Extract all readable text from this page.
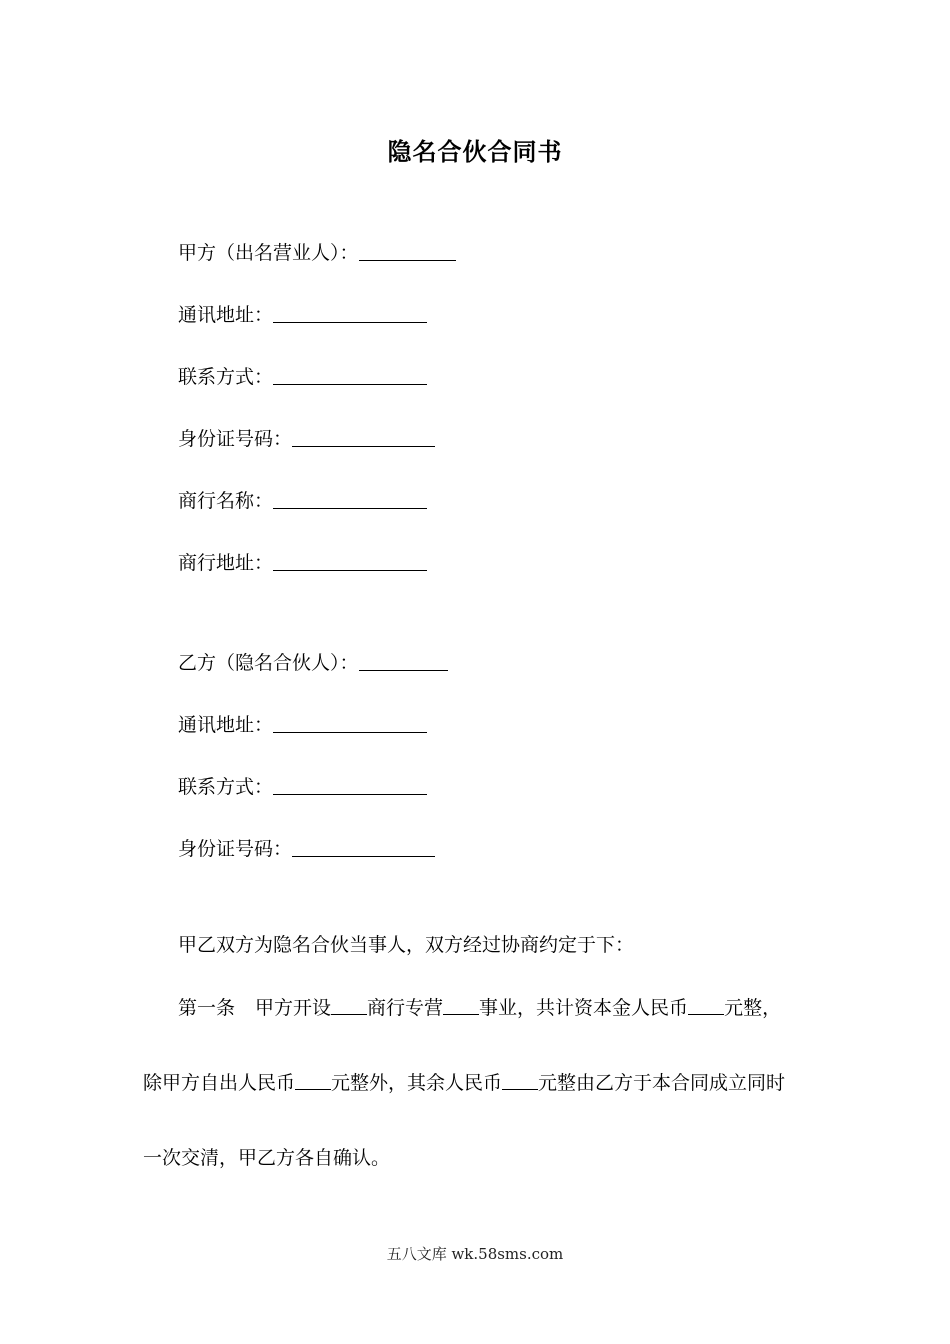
隐名合伙合同书
甲方（出名营业人）：
通讯地址：
联系方式：
身份证号码：
商行名称：
商行地址：
乙方（隐名合伙人）：
通讯地址：
联系方式：
身份证号码：
甲乙双方为隐名合伙当事人，双方经过协商约定于下：
第一条 甲方开设 商行专营 事业，共计资本金人民币 元整，
除甲方自出人民币 元整外，其余人民币 元整由乙方于本合同成立同时
一次交清，甲乙方各自确认。
五八文库 wk.58sms.com
